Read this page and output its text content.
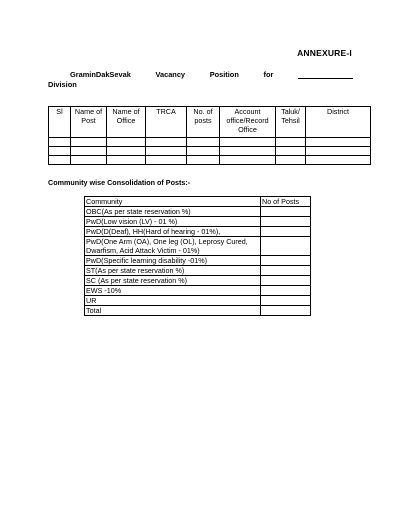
ANNEXURE-I
GraminDakSevak	Vacancy	Position	for
Division
Sl	Name of Post	Name of Office	TRCA	No. of posts	Account office/Record Office	Taluk/ Tehsil	District

Community wise Consolidation of Posts:-
Community	No of Posts
OBC(As per state reservation %)	
PwD(Low vision (LV) - 01 %)	
PwD(D(Deaf), HH(Hard of hearing - 01%),	
PwD(One Arm (OA), One leg (OL), Leprosy Cured, Dwarfism, Acid Attack Victim - 01%)	
PwD(Specific learning disability -01%)	
ST(As per state reservation %)	
SC (As per state reservation %)	
EWS -10%	
UR	
Total	
